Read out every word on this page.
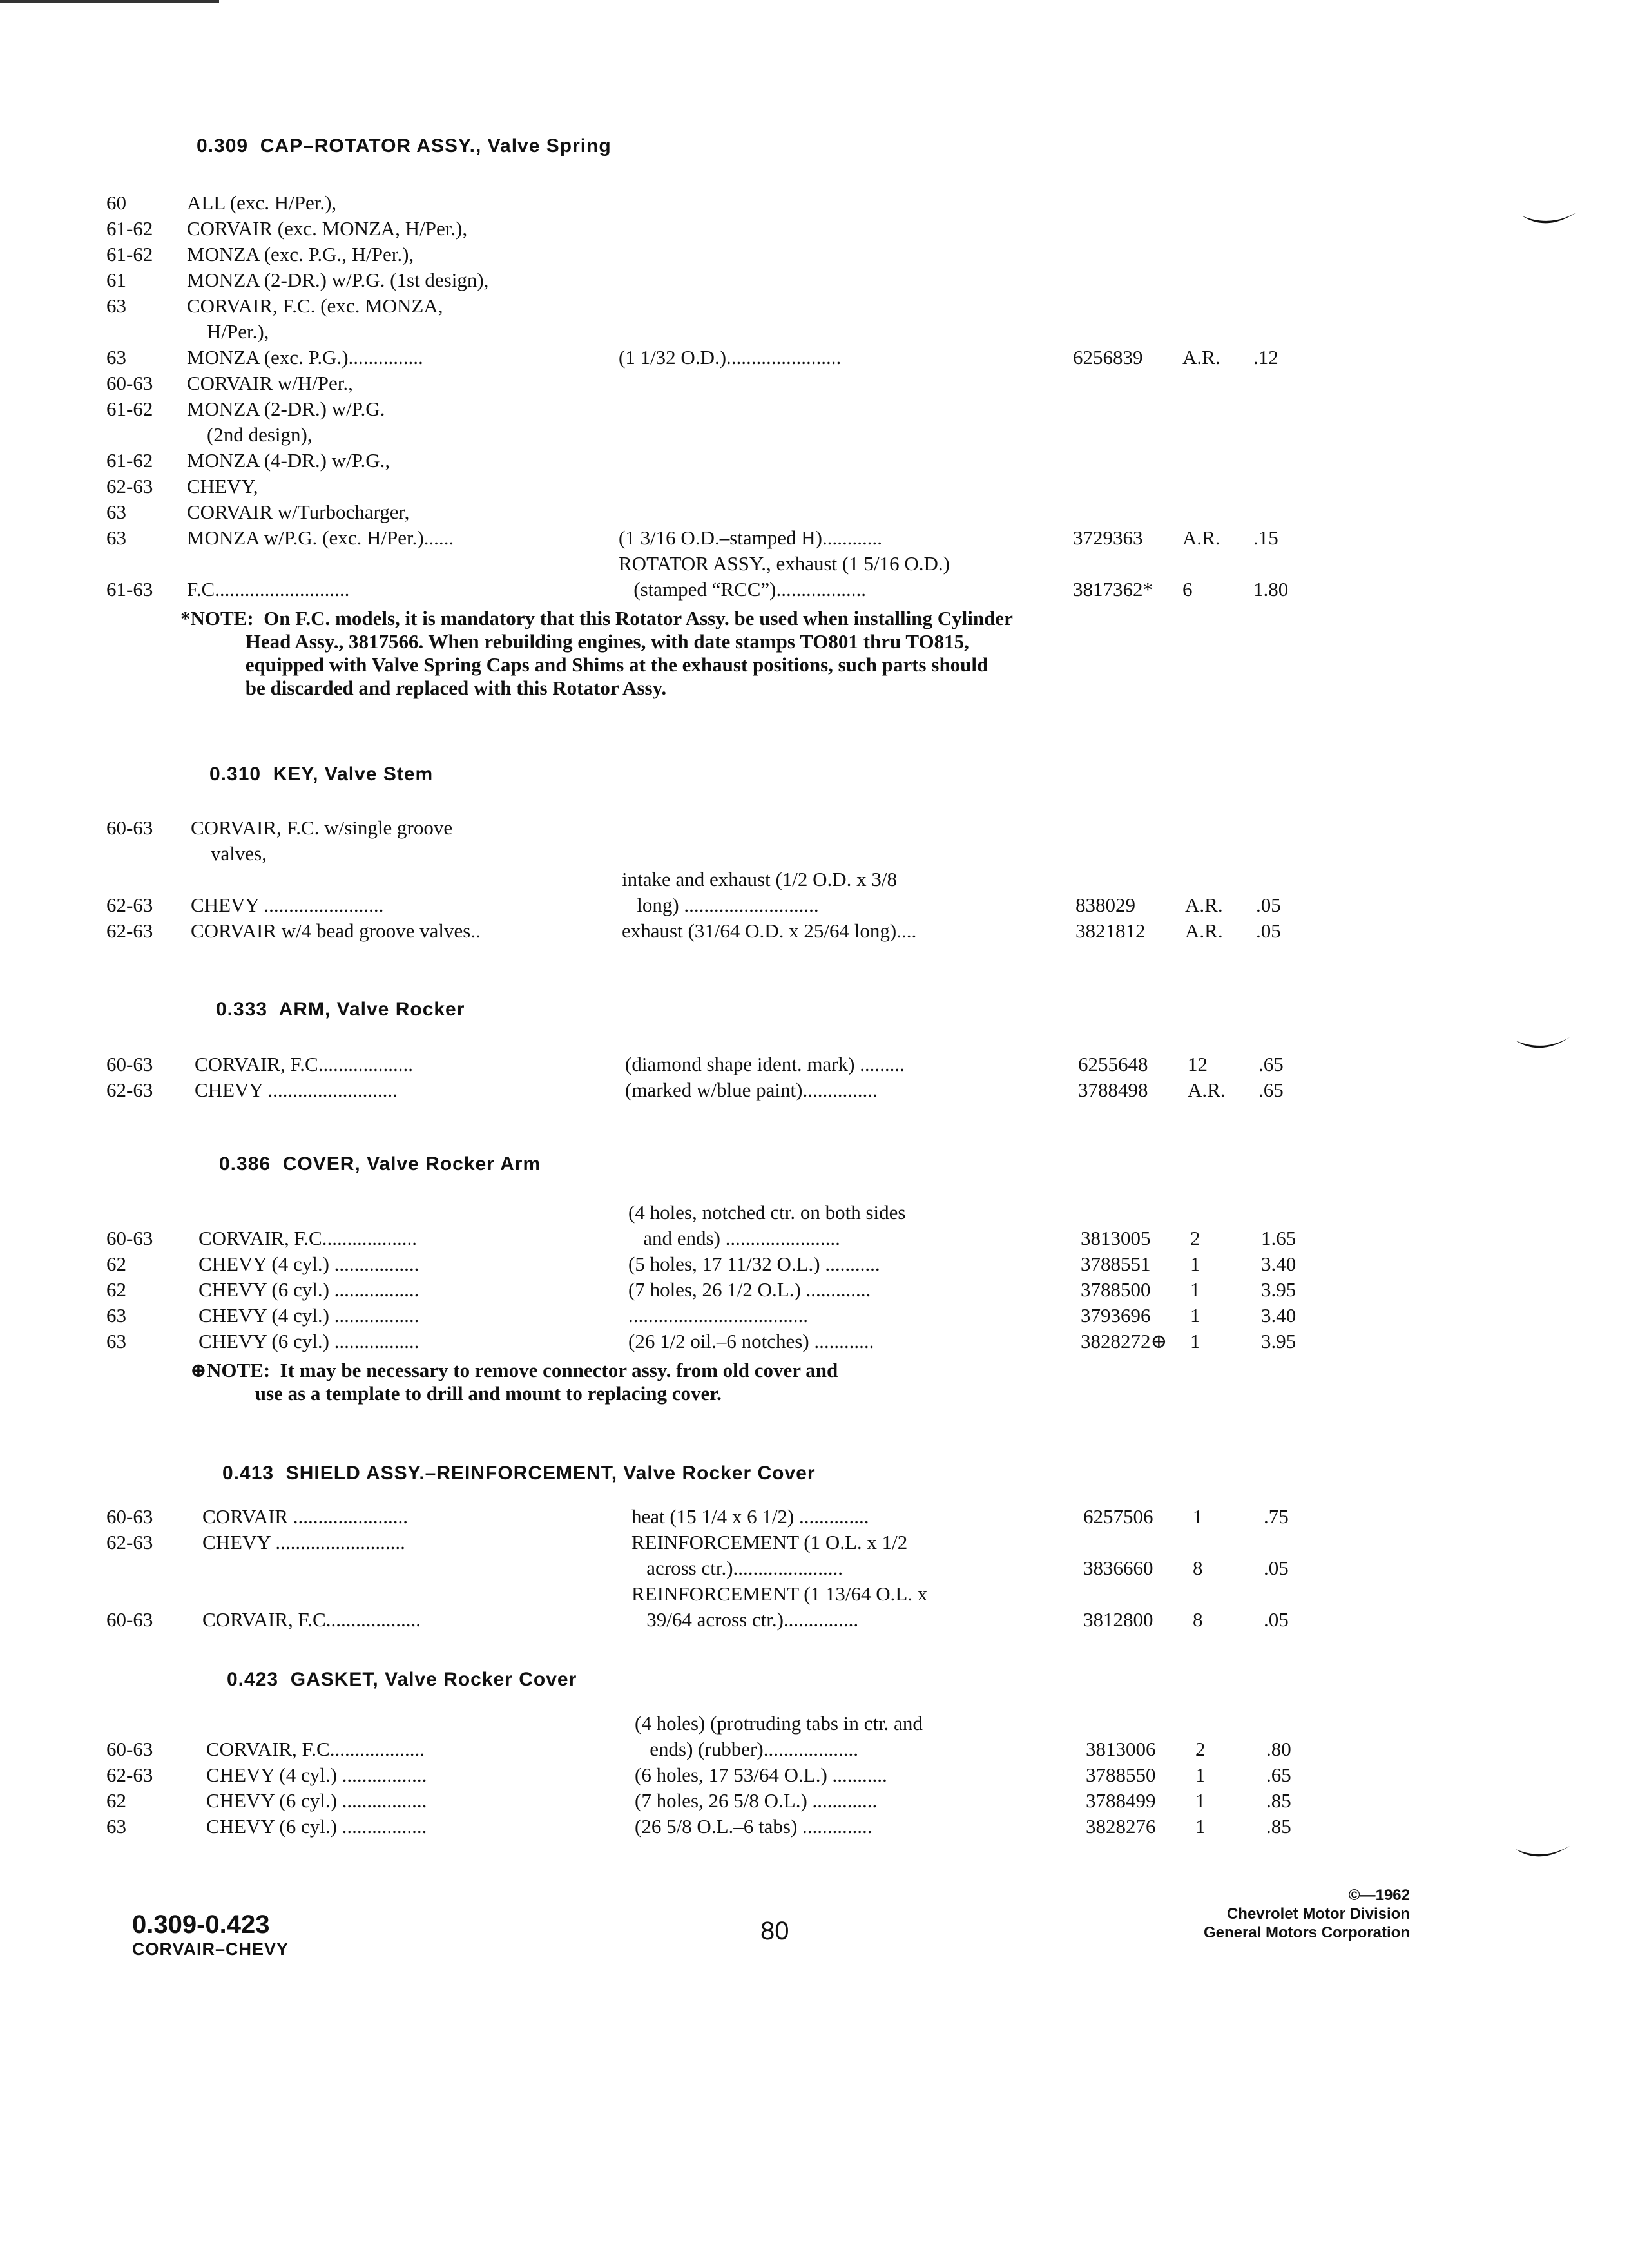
0.309  CAP–ROTATOR ASSY., Valve Spring
60	ALL (exc. H/Per.),
61-62 CORVAIR (exc. MONZA, H/Per.),
61-62 MONZA (exc. P.G., H/Per.),
61	MONZA (2-DR.) w/P.G. (1st design),
63	CORVAIR, F.C. (exc. MONZA,
H/Per.),
63	MONZA (exc. P.G.)...............	(1 1/32 O.D.).......................	6256839 A.R. .12
60-63 CORVAIR w/H/Per.,
61-62 MONZA (2-DR.) w/P.G.
(2nd design),
61-62 MONZA (4-DR.) w/P.G.,
62-63 CHEVY,
63	CORVAIR w/Turbocharger,
63	MONZA w/P.G. (exc. H/Per.)......	(1 3/16 O.D.–stamped H)............	3729363 A.R. .15
ROTATOR ASSY., exhaust (1 5/16 O.D.)
61-63 F.C...........................	(stamped “RCC”)..................	3817362* 6	1.80
*NOTE:  On F.C. models, it is mandatory that this Rotator Assy. be used when installing Cylinder
Head Assy., 3817566. When rebuilding engines, with date stamps TO801 thru TO815,
equipped with Valve Spring Caps and Shims at the exhaust positions, such parts should
be discarded and replaced with this Rotator Assy.
0.310  KEY, Valve Stem
60-63 CORVAIR, F.C. w/single groove
valves,
intake and exhaust (1/2 O.D. x 3/8
62-63 CHEVY ........................	long) ...........................	838029 A.R. .05
62-63 CORVAIR w/4 bead groove valves..	exhaust (31/64 O.D. x 25/64 long)....	3821812 A.R. .05
0.333  ARM, Valve Rocker
60-63 CORVAIR, F.C...................	(diamond shape ident. mark) .........	6255648 12	.65
62-63 CHEVY ..........................	(marked w/blue paint)...............	3788498 A.R. .65
0.386  COVER, Valve Rocker Arm
(4 holes, notched ctr. on both sides
60-63 CORVAIR, F.C...................	and ends) .......................	3813005 2	1.65
62	CHEVY (4 cyl.) .................	(5 holes, 17 11/32 O.L.) ...........	3788551 1	3.40
62	CHEVY (6 cyl.) .................	(7 holes, 26 1/2 O.L.) .............	3788500 1	3.95
63	CHEVY (4 cyl.) .................	....................................	3793696 1	3.40
63	CHEVY (6 cyl.) .................	(26 1/2 oil.–6 notches) ............	3828272⊕ 1	3.95
⊕NOTE:  It may be necessary to remove connector assy. from old cover and
use as a template to drill and mount to replacing cover.
0.413  SHIELD ASSY.–REINFORCEMENT, Valve Rocker Cover
60-63 CORVAIR .......................	heat (15 1/4 x 6 1/2) ..............	6257506 1	.75
62-63 CHEVY ..........................	REINFORCEMENT (1 O.L. x 1/2
across ctr.)......................	3836660 8	.05
REINFORCEMENT (1 13/64 O.L. x
60-63 CORVAIR, F.C...................	39/64 across ctr.)...............	3812800 8	.05
0.423  GASKET, Valve Rocker Cover
(4 holes) (protruding tabs in ctr. and
60-63	CORVAIR, F.C...................	ends) (rubber)...................	3813006 2	.80
62-63	CHEVY (4 cyl.) .................	(6 holes, 17 53/64 O.L.) ...........	3788550 1	.65
62	CHEVY (6 cyl.) .................	(7 holes, 26 5/8 O.L.) .............	3788499 1	.85
63	CHEVY (6 cyl.) .................	(26 5/8 O.L.–6 tabs) ..............	3828276 1	.85
0.309-0.423
CORVAIR–CHEVY
80
©—1962
Chevrolet Motor Division
General Motors Corporation
